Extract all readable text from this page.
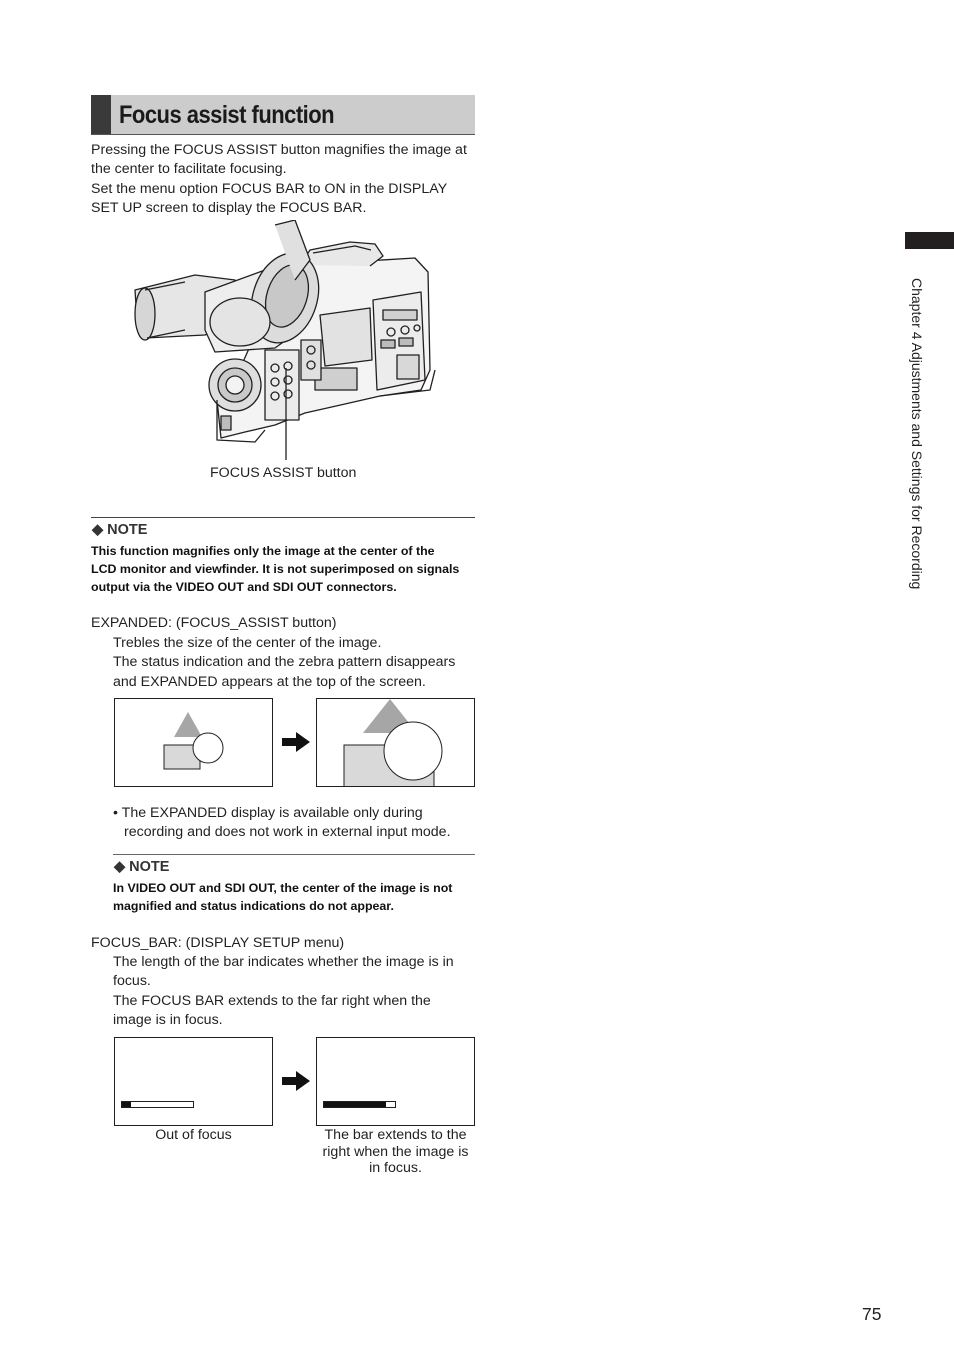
Focus assist function
Pressing the FOCUS ASSIST button magnifies the image at
the center to facilitate focusing.
Set the menu option FOCUS BAR to ON in the DISPLAY
SET UP screen to display the FOCUS BAR.
FOCUS ASSIST button
◆ NOTE
This function magnifies only the image at the center of the
LCD monitor and viewfinder. It is not superimposed on signals
output via the VIDEO OUT and SDI OUT connectors.
EXPANDED: (FOCUS_ASSIST button)
Trebles the size of the center of the image.
The status indication and the zebra pattern disappears
and EXPANDED appears at the top of the screen.
• The EXPANDED display is available only during
recording and does not work in external input mode.
◆ NOTE
In VIDEO OUT and SDI OUT, the center of the image is not
magnified and status indications do not appear.
FOCUS_BAR: (DISPLAY SETUP menu)
The length of the bar indicates whether the image is in
focus.
The FOCUS BAR extends to the far right when the
image is in focus.
Out of focus	The bar extends to the
right when the image is
in focus.
Chapter 4 Adjustments and Settings for Recording
75
